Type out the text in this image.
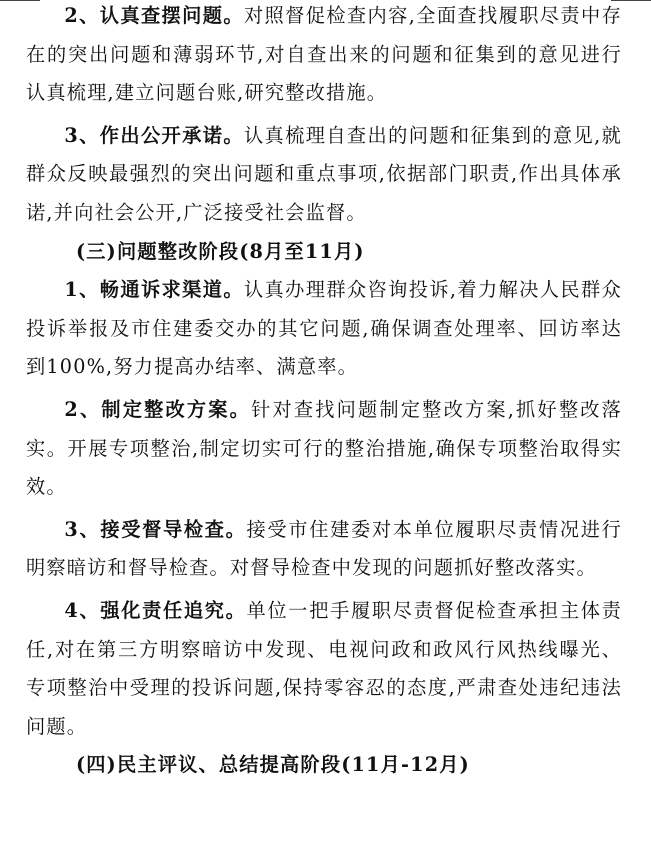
2、认真查摆问题。对照督促检查内容,全面查找履职尽责中存在的突出问题和薄弱环节,对自查出来的问题和征集到的意见进行认真梳理,建立问题台账,研究整改措施。

3、作出公开承诺。认真梳理自查出的问题和征集到的意见,就群众反映最强烈的突出问题和重点事项,依据部门职责,作出具体承诺,并向社会公开,广泛接受社会监督。

(三)问题整改阶段(8月至11月)

1、畅通诉求渠道。认真办理群众咨询投诉,着力解决人民群众投诉举报及市住建委交办的其它问题,确保调查处理率、回访率达到100%,努力提高办结率、满意率。

2、制定整改方案。针对查找问题制定整改方案,抓好整改落实。开展专项整治,制定切实可行的整治措施,确保专项整治取得实效。

3、接受督导检查。接受市住建委对本单位履职尽责情况进行明察暗访和督导检查。对督导检查中发现的问题抓好整改落实。

4、强化责任追究。单位一把手履职尽责督促检查承担主体责任,对在第三方明察暗访中发现、电视问政和政风行风热线曝光、专项整治中受理的投诉问题,保持零容忍的态度,严肃查处违纪违法问题。

(四)民主评议、总结提高阶段(11月-12月)
